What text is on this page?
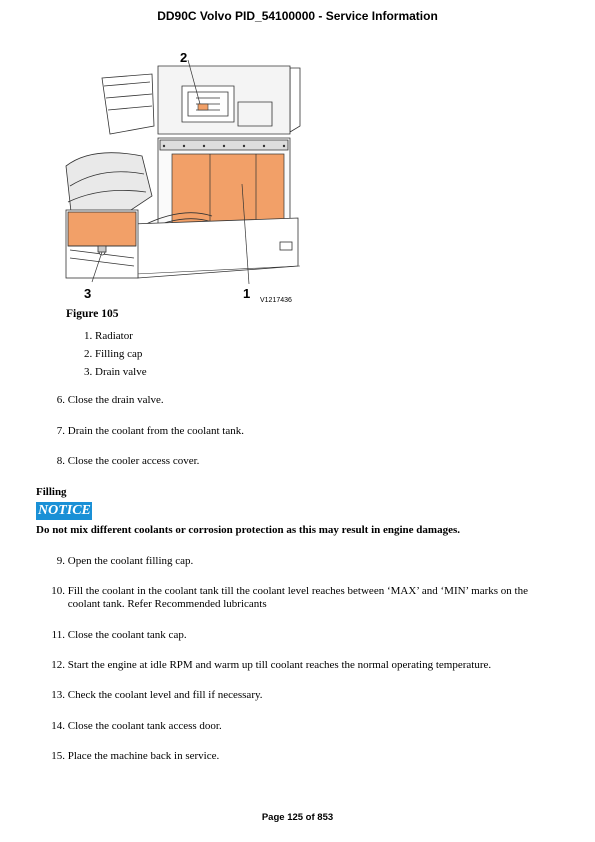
DD90C Volvo PID_54100000 - Service Information
2
1
3	V1217436
Figure 105
1. Radiator
2. Filling cap
3. Drain valve
6. Close the drain valve.
7. Drain the coolant from the coolant tank.
8. Close the cooler access cover.
Filling
NOTICE
Do not mix different coolants or corrosion protection as this may result in engine damages.
9. Open the coolant filling cap.
10. Fill the coolant in the coolant tank till the coolant level reaches between ‘MAX’ and ‘MIN’ marks on the coolant tank. Refer Recommended lubricants
11. Close the coolant tank cap.
12. Start the engine at idle RPM and warm up till coolant reaches the normal operating temperature.
13. Check the coolant level and fill if necessary.
14. Close the coolant tank access door.
15. Place the machine back in service.
Page 125 of 853
